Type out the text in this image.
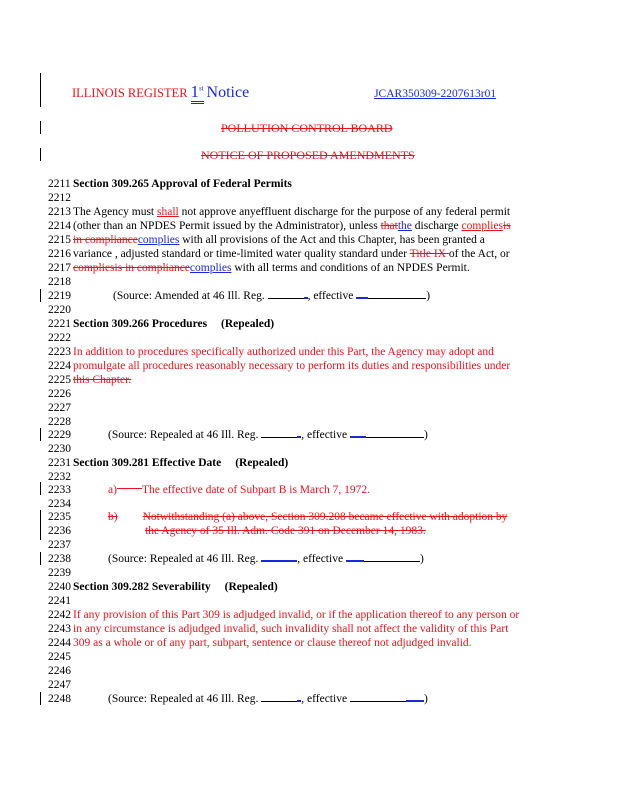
ILLINOIS REGISTER 1st Notice	JCAR350309-2207613r01
POLLUTION CONTROL BOARD
NOTICE OF PROPOSED AMENDMENTS
2211 Section 309.265 Approval of Federal Permits
2212
2213 The Agency must shall not approve anyeffluent discharge for the purpose of any federal permit
2214 (other than an NPDES Permit issued by the Administrator), unless thatthe discharge compliesis
2215 in compliancecomplies with all provisions of the Act and this Chapter, has been granted a
2216 variance , adjusted standard or time-limited water quality standard under Title IX of the Act, or
2217 compliesis in compliancecomplies with all terms and conditions of an NPDES Permit.
2218
2219	(Source: Amended at 46 Ill. Reg.	, effective	)
2220
2221 Section 309.266 Procedures (Repealed)
2222
2223 In addition to procedures specifically authorized under this Part, the Agency may adopt and
2224 promulgate all procedures reasonably necessary to perform its duties and responsibilities under
2225 this Chapter.
2226
2227
2228
2229	(Source: Repealed at 46 Ill. Reg.	, effective	)
2230
2231 Section 309.281 Effective Date (Repealed)
2232
2233	a) The effective date of Subpart B is March 7, 1972.
2234
2235	b) Notwithstanding (a) above, Section 309.208 became effective with adoption by
2236	the Agency of 35 Ill. Adm. Code 391 on December 14, 1983.
2237
2238	(Source: Repealed at 46 Ill. Reg.	, effective	)
2239
2240 Section 309.282 Severability (Repealed)
2241
2242 If any provision of this Part 309 is adjudged invalid, or if the application thereof to any person or
2243 in any circumstance is adjudged invalid, such invalidity shall not affect the validity of this Part
2244 309 as a whole or of any part, subpart, sentence or clause thereof not adjudged invalid.
2245
2246
2247
2248	(Source: Repealed at 46 Ill. Reg.	, effective	)
